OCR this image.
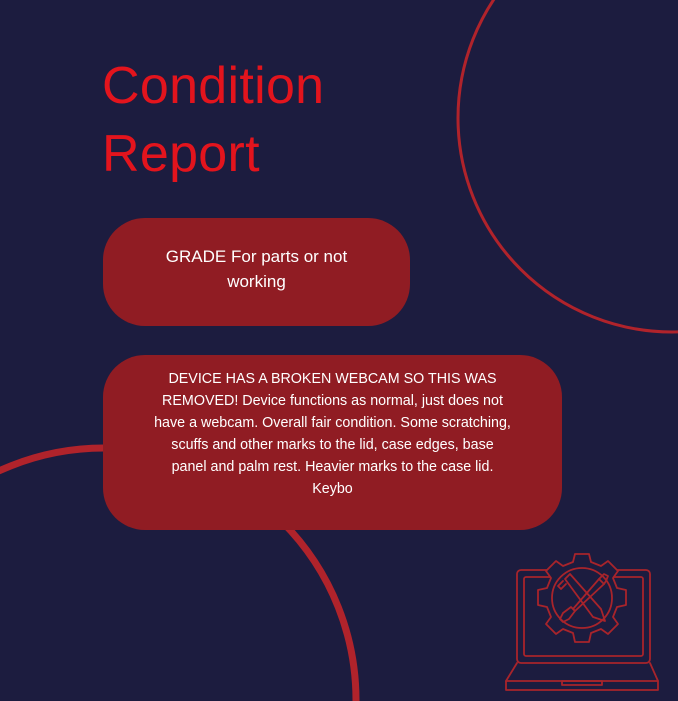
Condition
Report
GRADE For parts or not working
DEVICE HAS A BROKEN WEBCAM SO THIS WAS REMOVED! Device functions as normal, just does not have a webcam. Overall fair condition. Some scratching, scuffs and other marks to the lid, case edges, base panel and palm rest. Heavier marks to the case lid. Keybo
